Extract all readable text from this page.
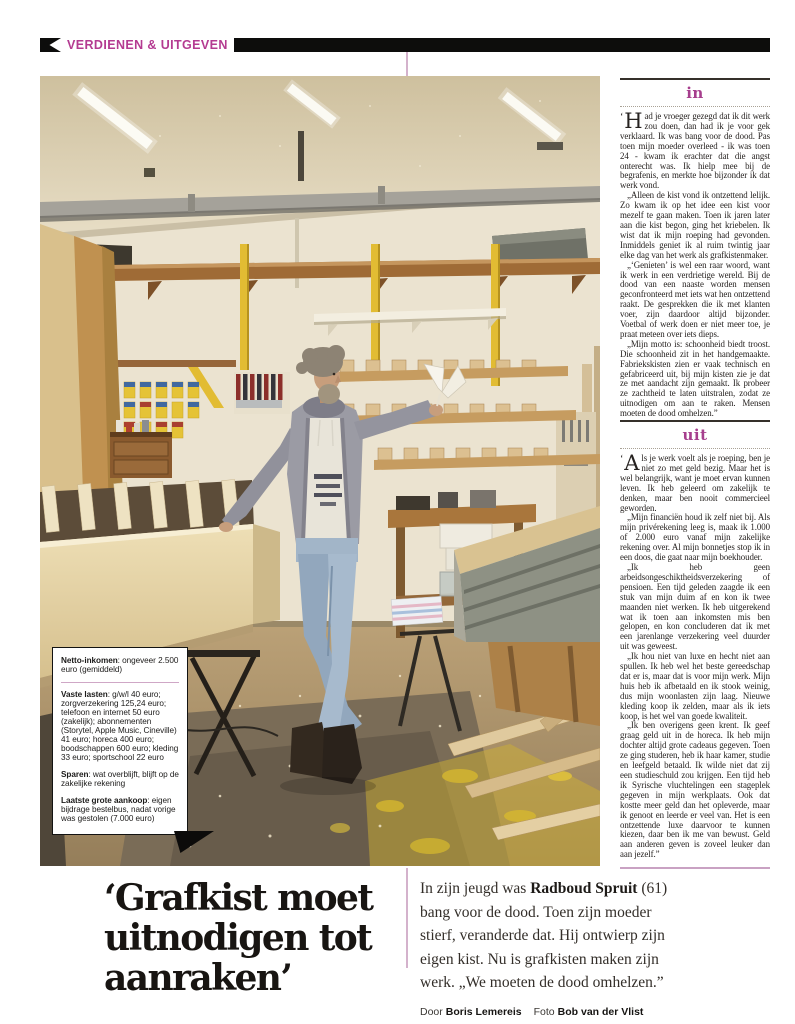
VERDIENEN & UITGEVEN

Netto-inkomen: ongeveer 2.500 euro (gemiddeld)

Vaste lasten: g/w/l 40 euro; zorgverzekering 125,24 euro; telefoon en internet 50 euro (zakelijk); abonnementen (Storytel, Apple Music, Cineville) 41 euro; horeca 400 euro; boodschappen 600 euro; kleding 33 euro; sportschool 22 euro

Sparen: wat overblijft, blijft op de zakelijke rekening

Laatste grote aankoop: eigen bijdrage bestelbus, nadat vorige was gestolen (7.000 euro)

in

‘ H ad je vroeger gezegd dat ik dit werk zou doen, dan had ik je voor gek verklaard. Ik was bang voor de dood. Pas toen mijn moeder overleed - ik was toen 24 - kwam ik erachter dat die angst onterecht was. Ik hielp mee bij de begrafenis, en merkte hoe bijzonder ik dat werk vond.

„Alleen de kist vond ik ontzettend lelijk. Zo kwam ik op het idee een kist voor mezelf te gaan maken. Toen ik jaren later aan die kist begon, ging het kriebelen. Ik wist dat ik mijn roeping had gevonden. Inmiddels geniet ik al ruim twintig jaar elke dag van het werk als grafkistenmaker.

„‘Genieten’ is wel een raar woord, want ik werk in een verdrietige wereld. Bij de dood van een naaste worden mensen geconfronteerd met iets wat hen ontzettend raakt. De gesprekken die ik met klanten voer, zijn daardoor altijd bijzonder. Voetbal of werk doen er niet meer toe, je praat meteen over iets dieps.

„Mijn motto is: schoonheid biedt troost. Die schoonheid zit in het handgemaakte. Fabriekskisten zien er vaak technisch en gefabriceerd uit, bij mijn kisten zie je dat ze met aandacht zijn gemaakt. Ik probeer ze zachtheid te laten uitstralen, zodat ze uitnodigen om aan te raken. Mensen moeten de dood omhelzen.”

uit

‘ A ls je werk voelt als je roeping, ben je niet zo met geld bezig. Maar het is wel belangrijk, want je moet ervan kunnen leven. Ik heb geleerd om zakelijk te denken, maar ben nooit commercieel geworden.

„Mijn financiën houd ik zelf niet bij. Als mijn privérekening leeg is, maak ik 1.000 of 2.000 euro vanaf mijn zakelijke rekening over. Al mijn bonnetjes stop ik in een doos, die gaat naar mijn boekhouder.

„Ik heb geen arbeidsongeschiktheidsverzekering of pensioen. Een tijd geleden zaagde ik een stuk van mijn duim af en kon ik twee maanden niet werken. Ik heb uitgerekend wat ik toen aan inkomsten mis ben gelopen, en kon concluderen dat ik met een jarenlange verzekering veel duurder uit was geweest.

„Ik hou niet van luxe en hecht niet aan spullen. Ik heb wel het beste gereedschap dat er is, maar dat is voor mijn werk. Mijn huis heb ik afbetaald en ik stook weinig, dus mijn woonlasten zijn laag. Nieuwe kleding koop ik zelden, maar als ik iets koop, is het wel van goede kwaliteit.

„Ik ben overigens geen krent. Ik geef graag geld uit in de horeca. Ik heb mijn dochter altijd grote cadeaus gegeven. Toen ze ging studeren, heb ik haar kamer, studie en leefgeld betaald. Ik wilde niet dat zij een studieschuld zou krijgen. Een tijd heb ik Syrische vluchtelingen een stageplek gegeven in mijn werkplaats. Ook dat kostte meer geld dan het opleverde, maar ik genoot en leerde er veel van. Het is een ontzettende luxe daarvoor te kunnen kiezen, daar ben ik me van bewust. Geld aan anderen geven is zoveel leuker dan aan jezelf.”

‘Grafkist moet
uitnodigen tot
aanraken’
In zijn jeugd was Radboud Spruit (61) bang voor de dood. Toen zijn moeder stierf, veranderde dat. Hij ontwierp zijn eigen kist. Nu is grafkisten maken zijn werk. „We moeten de dood omhelzen.”
Door Boris Lemereis Foto Bob van der Vlist
